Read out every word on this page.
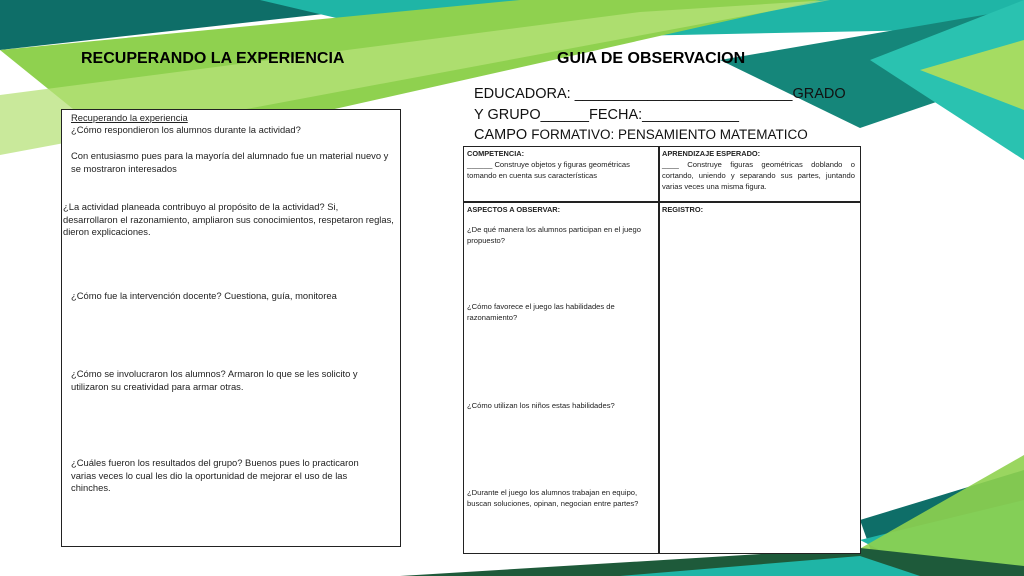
RECUPERANDO LA EXPERIENCIA	GUIA DE OBSERVACION

Recuperando la experiencia

¿Cómo respondieron los alumnos durante la actividad?

Con entusiasmo pues para la mayoría del alumnado fue un material nuevo y se mostraron interesados

¿La actividad planeada contribuyo al propósito de la actividad? Si, desarrollaron el razonamiento, ampliaron sus conocimientos, respetaron reglas, dieron explicaciones.

¿Cómo fue la intervención docente? Cuestiona, guía, monitorea

¿Cómo se involucraron los alumnos? Armaron lo que se les solicito y utilizaron su creatividad para armar otras.

¿Cuáles fueron los resultados del grupo? Buenos pues lo practicaron varias veces lo cual les dio la oportunidad de mejorar el uso de las chinches.

EDUCADORA: ___________________________GRADO
Y GRUPO______FECHA:____________
CAMPO FORMATIVO: PENSAMIENTO MATEMATICO
COMPETENCIA:
______ Construye objetos y figuras geométricas tomando en cuenta sus características
APRENDIZAJE ESPERADO:
____ Construye figuras geométricas doblando o cortando, uniendo y separando sus partes, juntando varias veces una misma figura.
ASPECTOS A OBSERVAR:
¿De qué manera los alumnos participan en el juego propuesto?
¿Cómo favorece el juego las habilidades de razonamiento?
¿Cómo utilizan los niños estas habilidades?
¿Durante el juego los alumnos trabajan en equipo, buscan soluciones, opinan, negocian entre partes?
REGISTRO:
